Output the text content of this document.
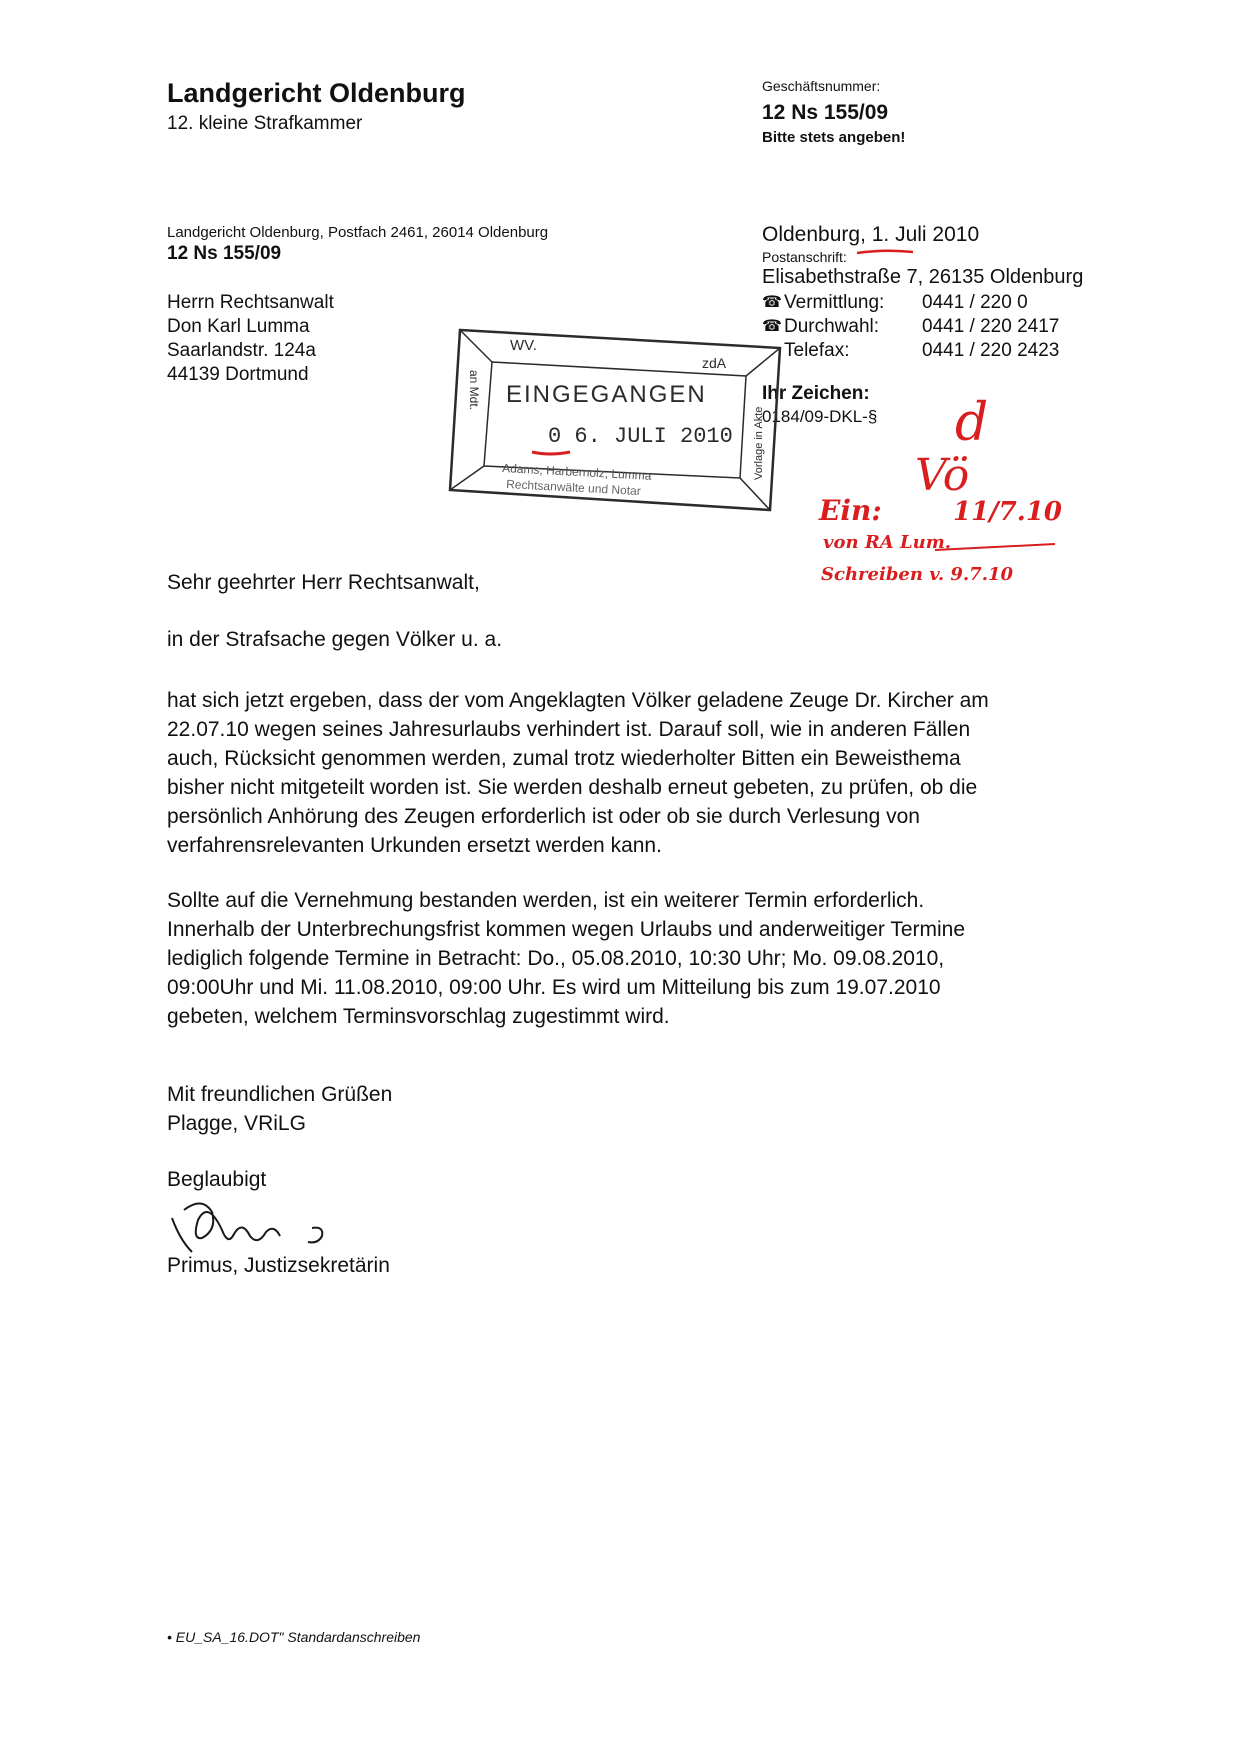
Landgericht Oldenburg
12. kleine Strafkammer
Geschäftsnummer:
12 Ns 155/09
Bitte stets angeben!
Landgericht Oldenburg, Postfach 2461, 26014 Oldenburg
12 Ns 155/09
Herrn Rechtsanwalt
Don Karl Lumma
Saarlandstr. 124a
44139 Dortmund
Oldenburg, 1. Juli 2010
Postanschrift:
Elisabethstraße 7, 26135 Oldenburg
☎ Vermittlung:	0441 / 220 0
☎ Durchwahl:	0441 / 220 2417
Telefax:	0441 / 220 2423
Ihr Zeichen:
0184/09-DKL-§
WV.
zdA
an Mdt.
Vorlage in Akte
EINGEGANGEN
0 6. JULI 2010
Adams, Harbernolz, Lumma
Rechtsanwälte und Notar
d
Vö
Ein:	11/7.10
von RA Lum.
Schreiben v. 9.7.10
Sehr geehrter Herr Rechtsanwalt,
in der Strafsache gegen Völker u. a.
hat sich jetzt ergeben, dass der vom Angeklagten Völker geladene Zeuge Dr. Kircher am
22.07.10 wegen seines Jahresurlaubs verhindert ist. Darauf soll, wie in anderen Fällen
auch, Rücksicht genommen werden, zumal trotz wiederholter Bitten ein Beweisthema
bisher nicht mitgeteilt worden ist. Sie werden deshalb erneut gebeten, zu prüfen, ob die
persönlich Anhörung des Zeugen erforderlich ist oder ob sie durch Verlesung von
verfahrensrelevanten Urkunden ersetzt werden kann.
Sollte auf die Vernehmung bestanden werden, ist ein weiterer Termin erforderlich.
Innerhalb der Unterbrechungsfrist kommen wegen Urlaubs und anderweitiger Termine
lediglich folgende Termine in Betracht: Do., 05.08.2010, 10:30 Uhr; Mo. 09.08.2010,
09:00Uhr und Mi. 11.08.2010, 09:00 Uhr. Es wird um Mitteilung bis zum 19.07.2010
gebeten, welchem Terminsvorschlag zugestimmt wird.
Mit freundlichen Grüßen
Plagge, VRiLG
Beglaubigt
Primus, Justizsekretärin
• EU_SA_16.DOT" Standardanschreiben
